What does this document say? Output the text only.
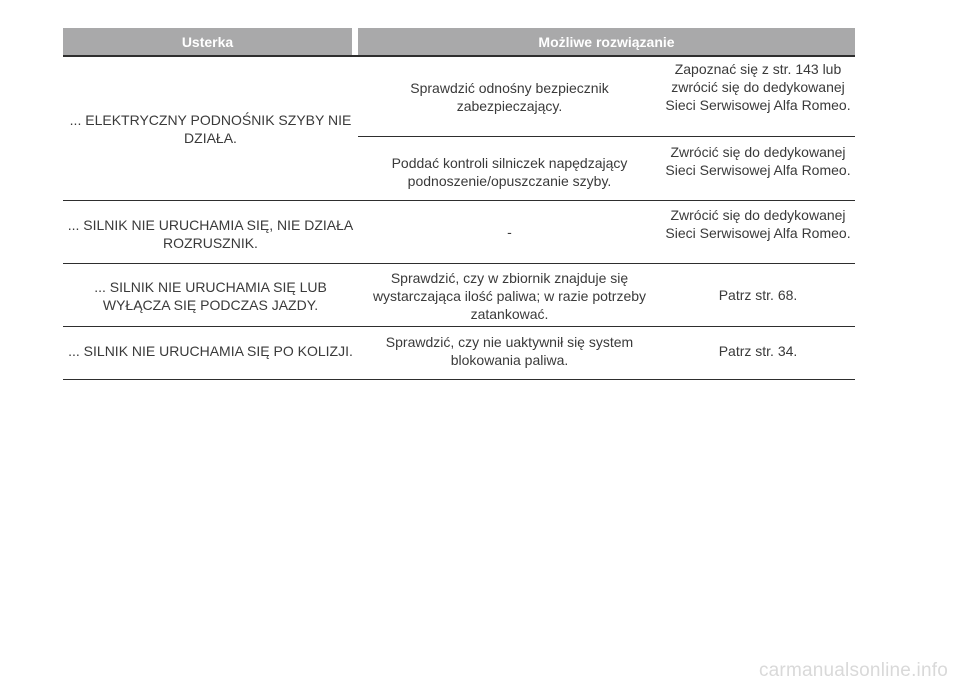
Usterka	Możliwe rozwiązanie
... ELEKTRYCZNY PODNOŚNIK SZYBY NIE DZIAŁA.
Sprawdzić odnośny bezpiecznik zabezpieczający.
Zapoznać się z str. 143 lub zwrócić się do dedykowanej Sieci Serwisowej Alfa Romeo.
Poddać kontroli silniczek napędzający podnoszenie/opuszczanie szyby.
Zwrócić się do dedykowanej Sieci Serwisowej Alfa Romeo.
... SILNIK NIE URUCHAMIA SIĘ, NIE DZIAŁA ROZRUSZNIK.
-
Zwrócić się do dedykowanej Sieci Serwisowej Alfa Romeo.
... SILNIK NIE URUCHAMIA SIĘ LUB WYŁĄCZA SIĘ PODCZAS JAZDY.
Sprawdzić, czy w zbiornik znajduje się wystarczająca ilość paliwa; w razie potrzeby zatankować.
Patrz str. 68.
... SILNIK NIE URUCHAMIA SIĘ PO KOLIZJI.
Sprawdzić, czy nie uaktywnił się system blokowania paliwa.
Patrz str. 34.
carmanualsonline.info
